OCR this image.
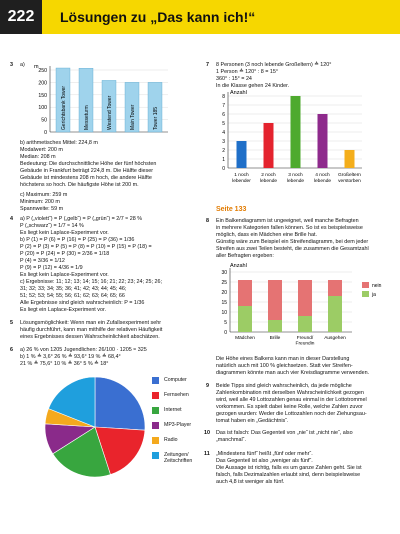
222	Lösungen zu „Das kann ich!“
3 a)	m
250
200
150
100
50
0
Gerichtsbank Tower	Messeturm	Westend Tower	Main Tower	Tower 185
b) arithmetisches Mittel: 224,8 m
Modalwert: 200 m
Median: 208 m
Bedeutung: Die durchschnittliche Höhe der fünf höchsten
Gebäude in Frankfurt beträgt 224,8 m. Die Hälfte dieser
Gebäude ist mindestens 208 m hoch, die andere Hälfte
höchstens so hoch. Die häufigste Höhe ist 200 m.
c) Maximum: 259 m
Minimum: 200 m
Spannweite: 59 m
4 a) P („violett“) = P („gelb“) = P („grün“) = 2/7 ≈ 28 %
P („schwarz“) = 1/7 ≈ 14 %
Es liegt kein Laplace-Experiment vor.
b) P (1) = P (6) = P (16) = P (25) = P (36) = 1/36
P (2) = P (3) = P (5) = P (8) = P (10) = P (15) = P (18) =
P (20) = P (24) = P (30) = 2/36 = 1/18
P (4) = 3/36 = 1/12
P (9) = P (12) = 4/36 = 1/9
Es liegt kein Laplace-Experiment vor.
c) Ergebnisse: 11; 12; 13; 14; 15; 16; 21; 22; 23; 24; 25; 26;
31; 32; 33; 34; 35; 36; 41; 42; 43; 44; 45; 46;
51; 52; 53; 54; 55; 56; 61; 62; 63; 64; 65; 66
Alle Ergebnisse sind gleich wahrscheinlich: P = 1/36
Es liegt ein Laplace-Experiment vor.
5 Lösungsmöglichkeit: Wenn man ein Zufallsexperiment sehr
häufig durchführt, kann man mithilfe der relativen Häufigkeit
eines Ergebnisses dessen Wahrscheinlichkeit abschätzen.
6 a) 26 % von 1205 Jugendlichen: 26/100 · 1205 ≈ 325
b) 1 % ≙ 3,6° 26 % ≙ 93,6° 19 % ≙ 68,4°
21 % ≙ 75,6° 10 % ≙ 36° 5 % ≙ 18°
Computer
Fernsehen
Internet
MP3-Player
Radio
Zeitungen/ Zeitschriften
7 8 Personen (3 noch lebende Großeltern) ≙ 120°
1 Person ≙ 120° : 8 = 15°
360° : 15° = 24
In die Klasse gehen 24 Kinder.
Anzahl
8
7
6
5
4
3
2
1
0
1 noch lebender
2 noch lebende
3 noch lebende
4 noch lebende
Großeltern verstorben
Seite 133
8 Ein Balkendiagramm ist ungeeignet, weil manche Befragten
in mehrere Kategorien fallen können. So ist es beispielsweise
möglich, dass ein Mädchen eine Brille hat.
Günstig wäre zum Beispiel ein Streifendiagramm, bei dem jeder
Streifen aus zwei Teilen besteht, die zusammen die Gesamtzahl
aller Befragten ergeben:
Anzahl
30
25
20
15
10
5
0
Mädchen	Brille	Freund/ Freundin
Ausgehen
nein
ja
Die Höhe eines Balkens kann man in dieser Darstellung
natürlich auch mit 100 % gleichsetzen. Statt vier Streifen-
diagrammen könnte man auch vier Kreisdiagramme verwenden.
9 Beide Tipps sind gleich wahrscheinlich, da jede mögliche
Zahlenkombination mit derselben Wahrscheinlichkeit gezogen
wird, weil alle 49 Lottozahlen genau einmal in der Lottotrommel
vorkommen. Es spielt dabei keine Rolle, welche Zahlen zuvor
gezogen wurden: Weder die Lottozahlen noch der Ziehungsau-
tomat haben ein „Gedächtnis“.
10 Das ist falsch: Das Gegenteil von „nie“ ist „nicht nie“, also
„manchmal“.
11 „Mindestens fünf“ heißt „fünf oder mehr“.
Das Gegenteil ist also „weniger als fünf“.
Die Aussage ist richtig, falls es um ganze Zahlen geht. Sie ist
falsch, falls Dezimalzahlen erlaubt sind, denn beispielsweise
auch 4,8 ist weniger als fünf.
